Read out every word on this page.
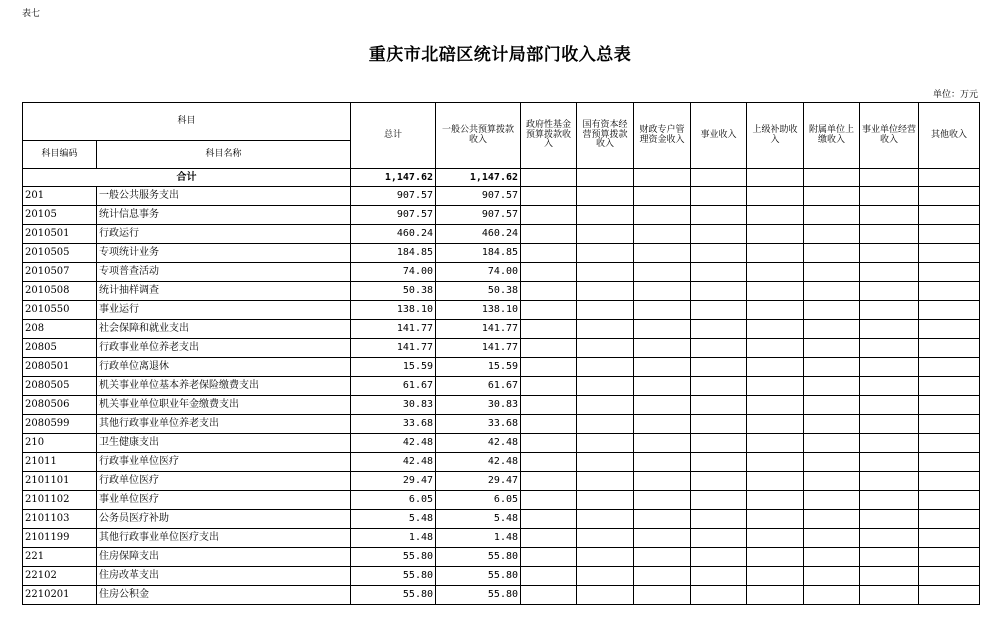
表七
重庆市北碚区统计局部门收入总表
单位：万元
科目		总计	一般公共预算拨款收入	政府性基金预算拨款收入	国有资本经营预算拨款收入	财政专户管理资金收入	事业收入	上级补助收入	附属单位上缴收入	事业单位经营收入	其他收入
科目编码	科目名称										
合计		1,147.62	1,147.62								
201	一般公共服务支出	907.57	907.57								
20105	统计信息事务	907.57	907.57								
2010501	行政运行	460.24	460.24								
2010505	专项统计业务	184.85	184.85								
2010507	专项普查活动	74.00	74.00								
2010508	统计抽样调查	50.38	50.38								
2010550	事业运行	138.10	138.10								
208	社会保障和就业支出	141.77	141.77								
20805	行政事业单位养老支出	141.77	141.77								
2080501	行政单位离退休	15.59	15.59								
2080505	机关事业单位基本养老保险缴费支出	61.67	61.67								
2080506	机关事业单位职业年金缴费支出	30.83	30.83								
2080599	其他行政事业单位养老支出	33.68	33.68								
210	卫生健康支出	42.48	42.48								
21011	行政事业单位医疗	42.48	42.48								
2101101	行政单位医疗	29.47	29.47								
2101102	事业单位医疗	6.05	6.05								
2101103	公务员医疗补助	5.48	5.48								
2101199	其他行政事业单位医疗支出	1.48	1.48								
221	住房保障支出	55.80	55.80								
22102	住房改革支出	55.80	55.80								
2210201	住房公积金	55.80	55.80								
